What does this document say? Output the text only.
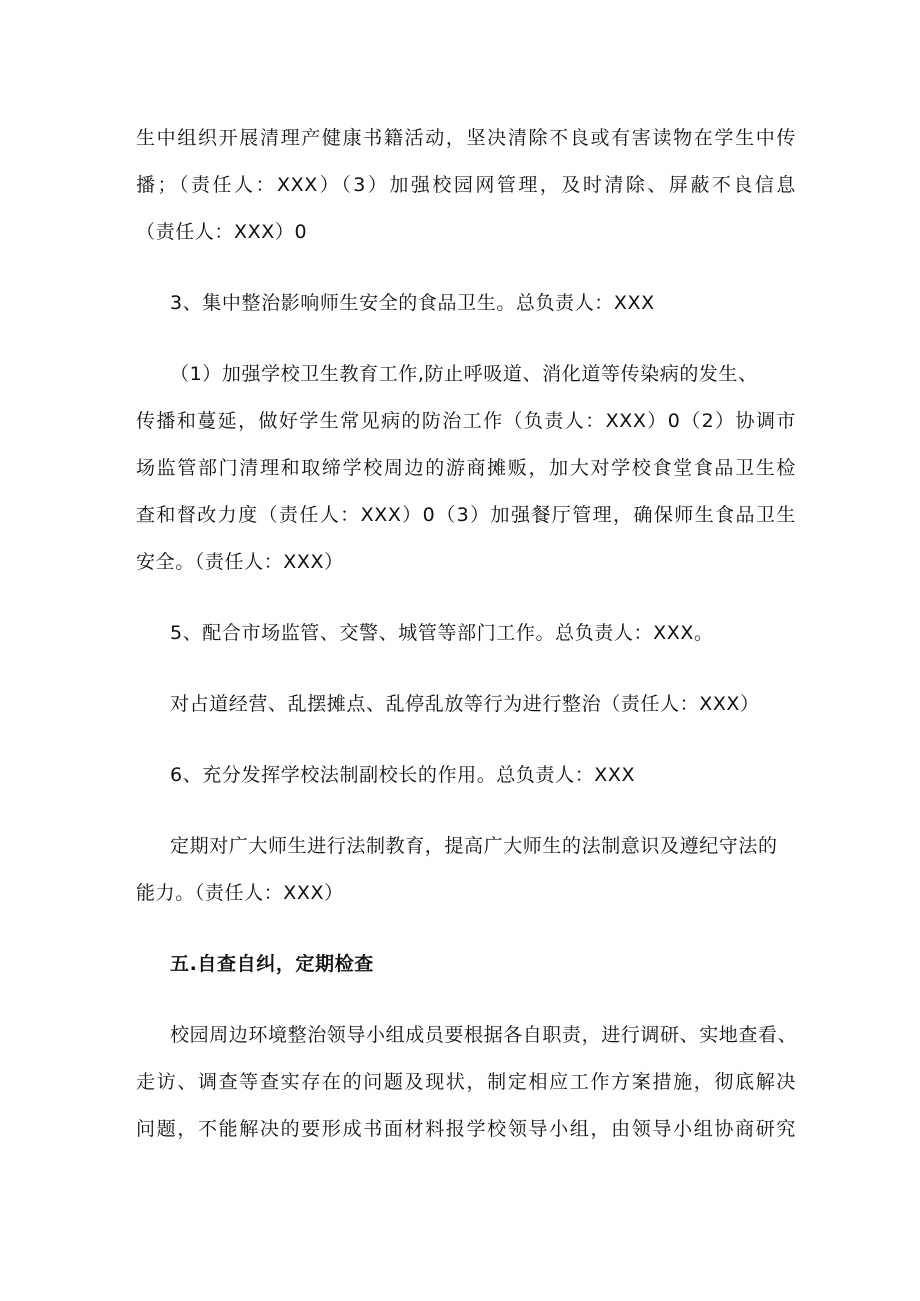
生中组织开展清理产健康书籍活动，坚决清除不良或有害读物在学生中传
播；（责任人：XXX）（3）加强校园网管理，及时清除、屏蔽不良信息
（责任人：XXX）0
3、集中整治影响师生安全的食品卫生。总负责人：XXX
（1）加强学校卫生教育工作,防止呼吸道、消化道等传染病的发生、
传播和蔓延，做好学生常见病的防治工作（负责人：XXX）0（2）协调市
场监管部门清理和取缔学校周边的游商摊贩，加大对学校食堂食品卫生检
查和督改力度（责任人：XXX）0（3）加强餐厅管理，确保师生食品卫生
安全。（责任人：XXX）
5、配合市场监管、交警、城管等部门工作。总负责人：XXX。
对占道经营、乱摆摊点、乱停乱放等行为进行整治（责任人：XXX）
6、充分发挥学校法制副校长的作用。总负责人：XXX
定期对广大师生进行法制教育，提高广大师生的法制意识及遵纪守法的
能力。（责任人：XXX）
五.自查自纠，定期检查
校园周边环境整治领导小组成员要根据各自职责，进行调研、实地查看、
走访、调查等查实存在的问题及现状，制定相应工作方案措施，彻底解决
问题，不能解决的要形成书面材料报学校领导小组，由领导小组协商研究
